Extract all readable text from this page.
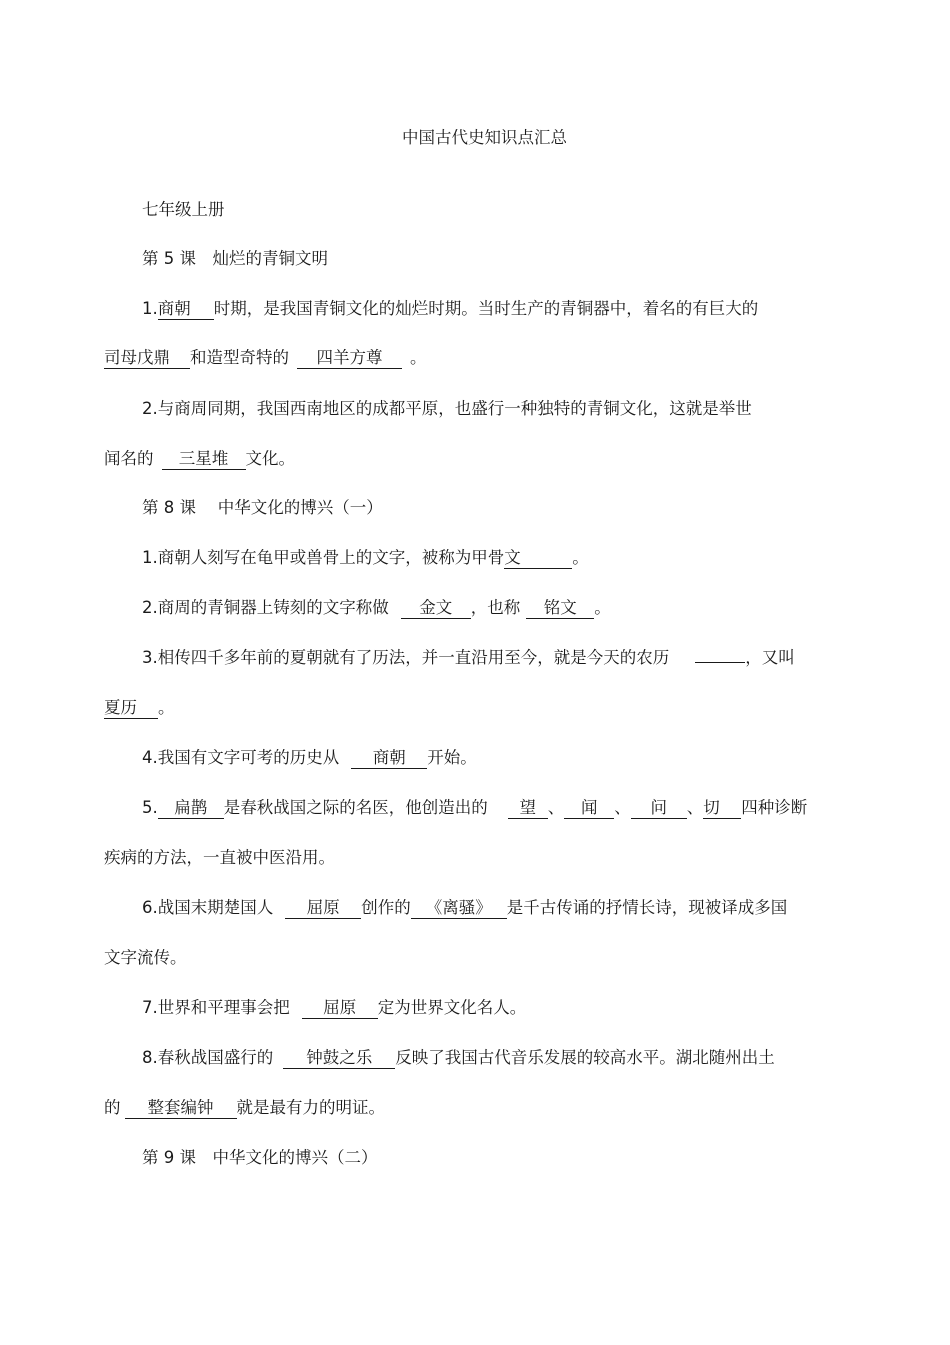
中国古代史知识点汇总
七年级上册
第 5 课　灿烂的青铜文明
1.商朝 时期，是我国青铜文化的灿烂时期。当时生产的青铜器中，着名的有巨大的
司母戊鼎 和造型奇特的 四羊方尊 。
2.与商周同期，我国西南地区的成都平原，也盛行一种独特的青铜文化，这就是举世
闻名的 三星堆 文化。
第 8 课　 中华文化的博兴（一）
1.商朝人刻写在龟甲或兽骨上的文字，被称为甲骨文	。
2.商周的青铜器上铸刻的文字称做 金文 ，也称 铭文 。
3.相传四千多年前的夏朝就有了历法，并一直沿用至今，就是今天的农历	，又叫
夏历 。
4.我国有文字可考的历史从 商朝 开始。
5. 扁鹊 是春秋战国之际的名医，他创造出的 望 、 闻 、 问 、切 四种诊断
疾病的方法，一直被中医沿用。
6.战国末期楚国人 屈原 创作的 《离骚》 是千古传诵的抒情长诗，现被译成多国
文字流传。
7.世界和平理事会把 屈原 定为世界文化名人。
8.春秋战国盛行的 钟鼓之乐 反映了我国古代音乐发展的较高水平。湖北随州出土
的 整套编钟 就是最有力的明证。
第 9 课　中华文化的博兴（二）
